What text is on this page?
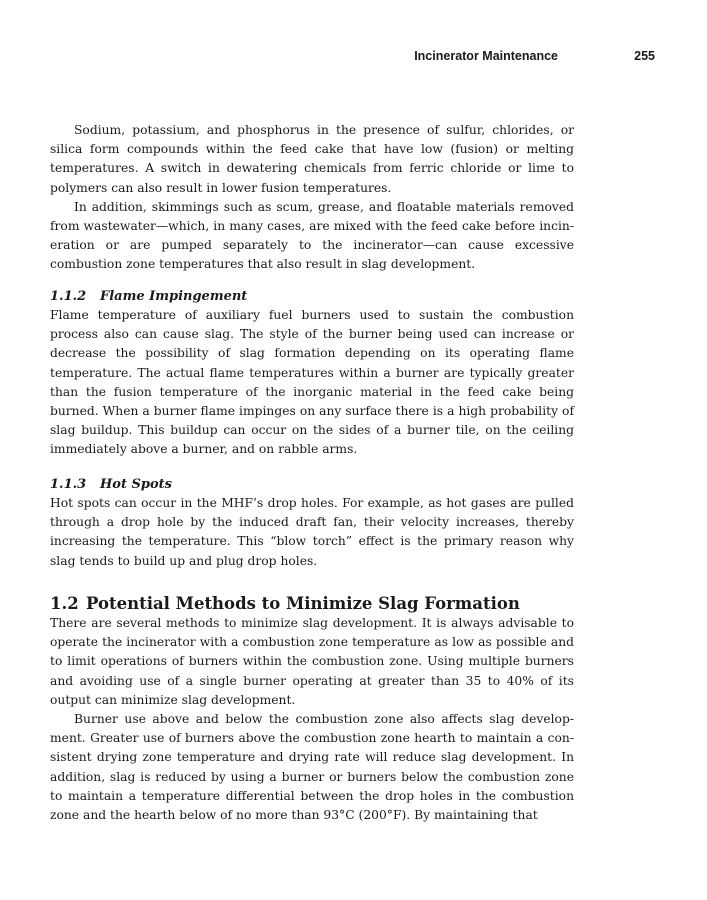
Incinerator Maintenance	255

Sodium, potassium, and phosphorus in the presence of sulfur, chlorides, or silica form compounds within the feed cake that have low (fusion) or melting temperatures. A switch in dewatering chemicals from ferric chloride or lime to polymers can also result in lower fusion temperatures.

In addition, skimmings such as scum, grease, and floatable materials removed from wastewater—which, in many cases, are mixed with the feed cake before incineration or are pumped separately to the incinerator—can cause excessive combustion zone temperatures that also result in slag development.

1.1.2 Flame Impingement

Flame temperature of auxiliary fuel burners used to sustain the combustion process also can cause slag. The style of the burner being used can increase or decrease the possibility of slag formation depending on its operating flame temperature. The actual flame temperatures within a burner are typically greater than the fusion temperature of the inorganic material in the feed cake being burned. When a burner flame impinges on any surface there is a high probability of slag buildup. This buildup can occur on the sides of a burner tile, on the ceiling immediately above a burner, and on rabble arms.

1.1.3 Hot Spots

Hot spots can occur in the MHF’s drop holes. For example, as hot gases are pulled through a drop hole by the induced draft fan, their velocity increases, thereby increasing the temperature. This “blow torch” effect is the primary reason why slag tends to build up and plug drop holes.

1.2 Potential Methods to Minimize Slag Formation

There are several methods to minimize slag development. It is always advisable to operate the incinerator with a combustion zone temperature as low as possible and to limit operations of burners within the combustion zone. Using multiple burners and avoiding use of a single burner operating at greater than 35 to 40% of its output can minimize slag development.

Burner use above and below the combustion zone also affects slag development. Greater use of burners above the combustion zone hearth to maintain a consistent drying zone temperature and drying rate will reduce slag development. In addition, slag is reduced by using a burner or burners below the combustion zone to maintain a temperature differential between the drop holes in the combustion zone and the hearth below of no more than 93°C (200°F). By maintaining that
